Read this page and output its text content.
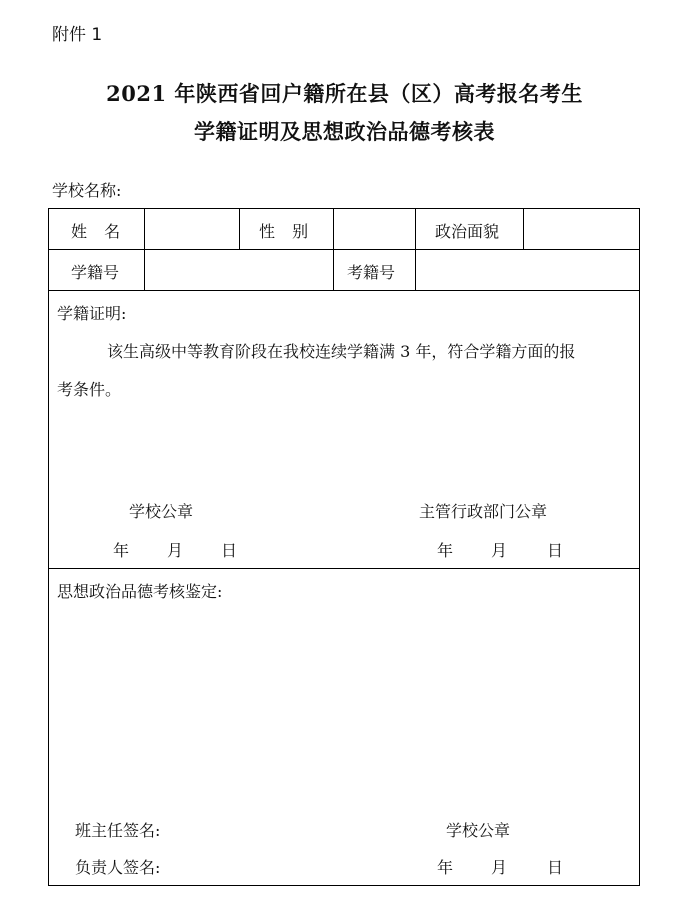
附件 1
2021 年陕西省回户籍所在县（区）高考报名考生
学籍证明及思想政治品德考核表
学校名称:
姓 名	性 别	政治面貌
学籍号	考籍号
学籍证明:
该生高级中等教育阶段在我校连续学籍满 3 年，符合学籍方面的报
考条件。
学校公章	主管行政部门公章
年 月 日	年 月 日
思想政治品德考核鉴定:
班主任签名:	学校公章
负责人签名:	年 月 日
